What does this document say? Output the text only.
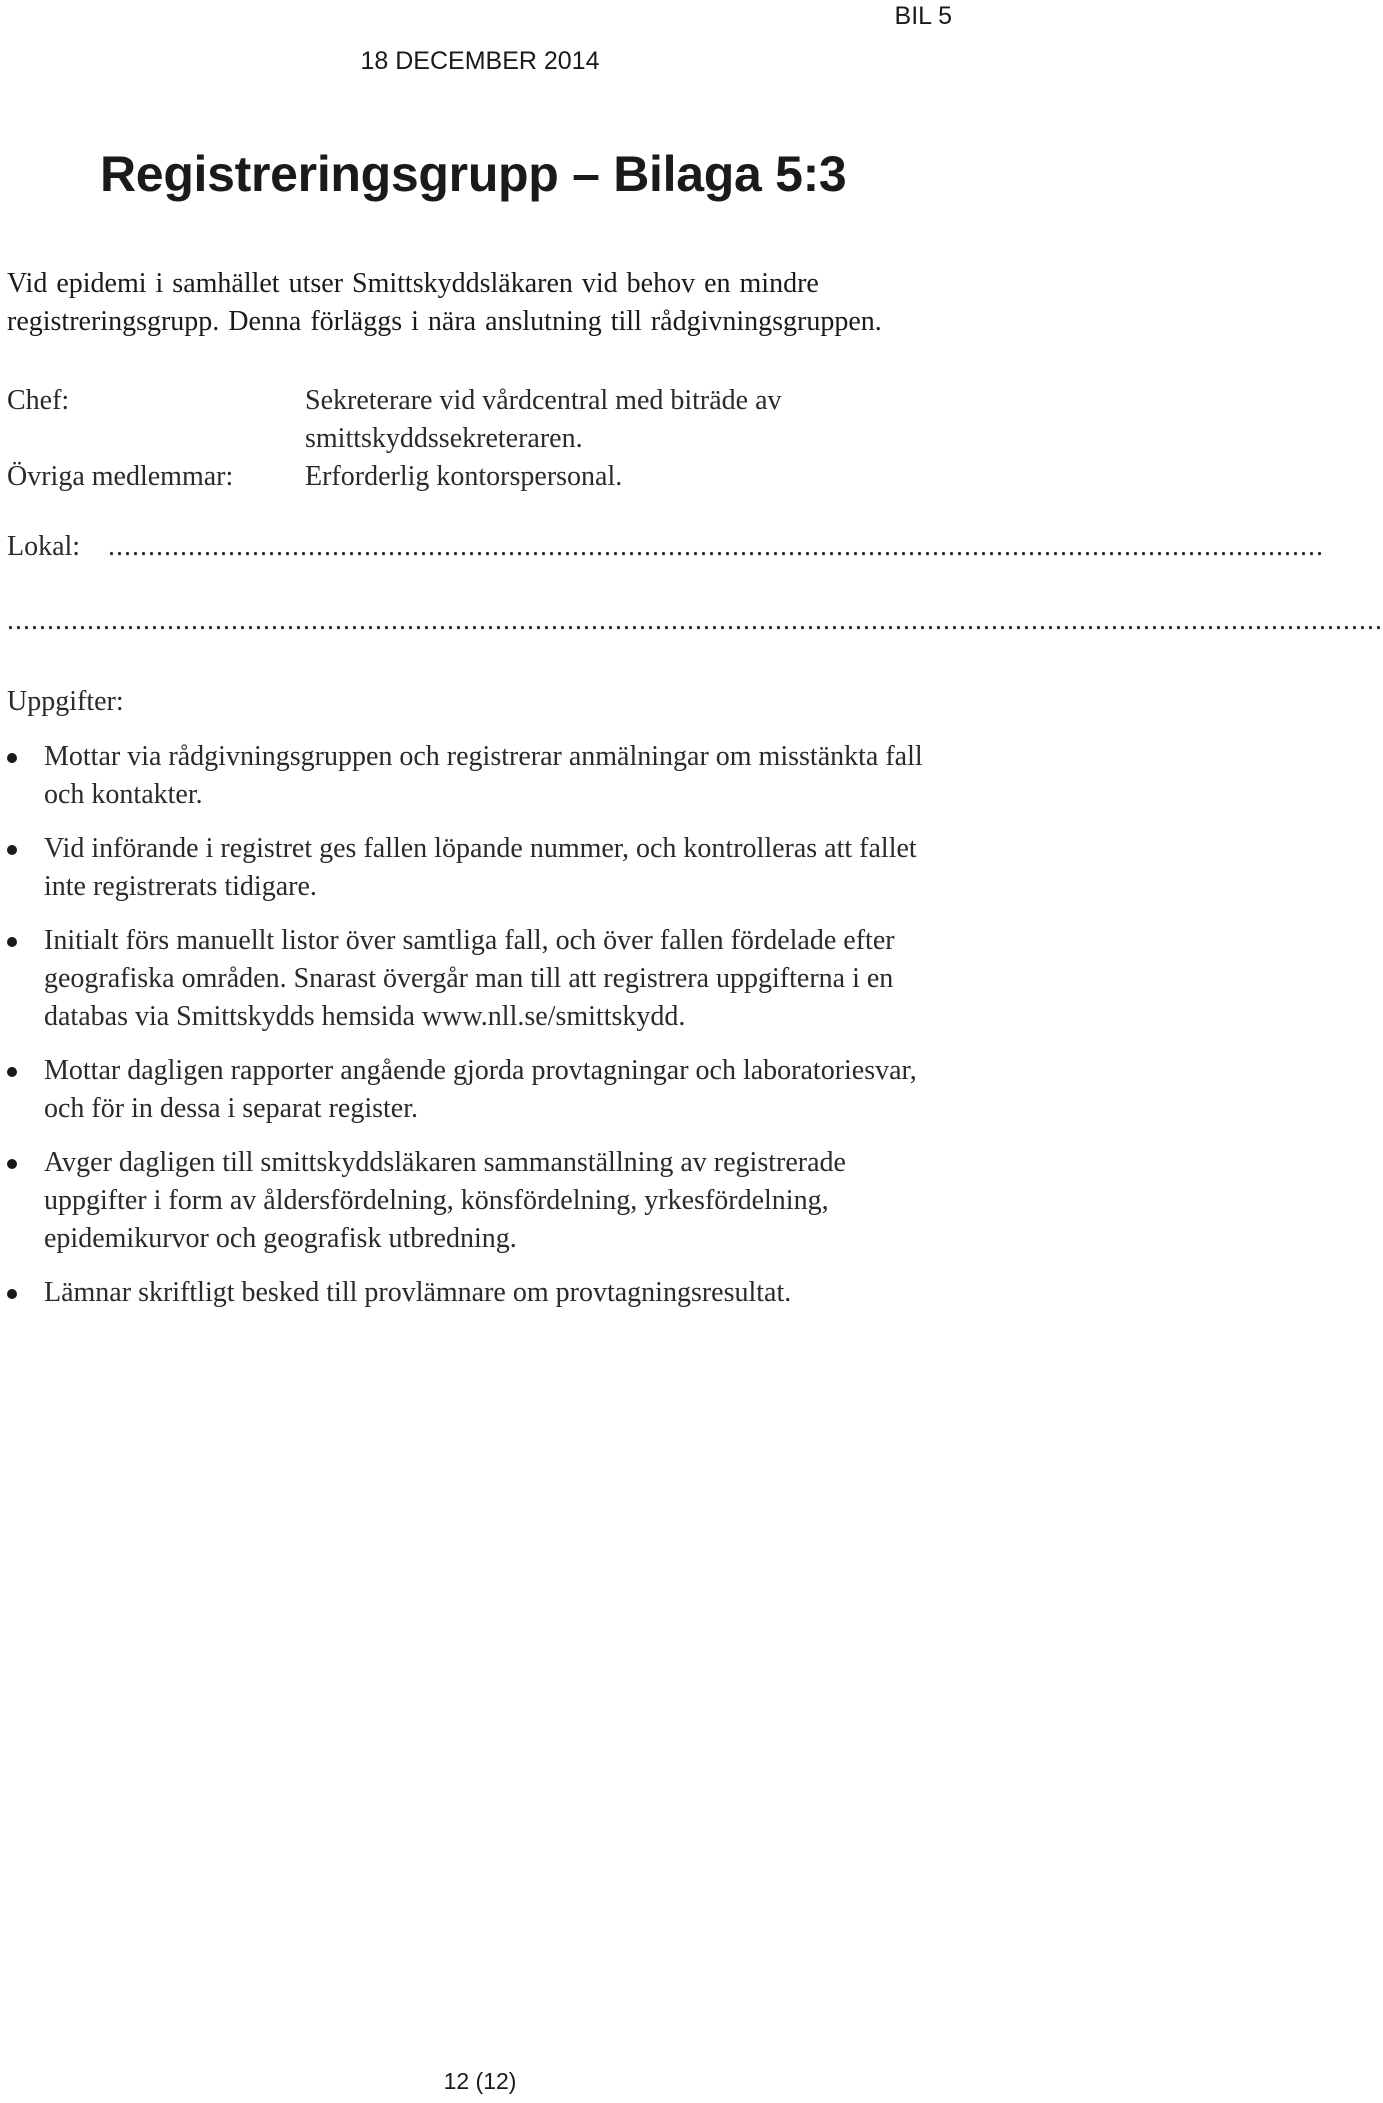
BIL 5
18 DECEMBER 2014
Registreringsgrupp – Bilaga 5:3

Vid epidemi i samhället utser Smittskyddsläkaren vid behov en mindre registreringsgrupp. Denna förläggs i nära anslutning till rådgivningsgruppen.

Chef:	Sekreterare vid vårdcentral med biträde av smittskyddssekreteraren.
Övriga medlemmar:	Erforderlig kontorspersonal.
Lokal: ........................................................................................................................................................
............................................................................................................................................................................
Uppgifter:
Mottar via rådgivningsgruppen och registrerar anmälningar om misstänkta fall och kontakter.
Vid införande i registret ges fallen löpande nummer, och kontrolleras att fallet inte registrerats tidigare.
Initialt förs manuellt listor över samtliga fall, och över fallen fördelade efter geografiska områden. Snarast övergår man till att registrera uppgifterna i en databas via Smittskydds hemsida www.nll.se/smittskydd.
Mottar dagligen rapporter angående gjorda provtagningar och laboratoriesvar, och för in dessa i separat register.
Avger dagligen till smittskyddsläkaren sammanställning av registrerade uppgifter i form av åldersfördelning, könsfördelning, yrkesfördelning, epidemikurvor och geografisk utbredning.
Lämnar skriftligt besked till provlämnare om provtagningsresultat.
12 (12)
